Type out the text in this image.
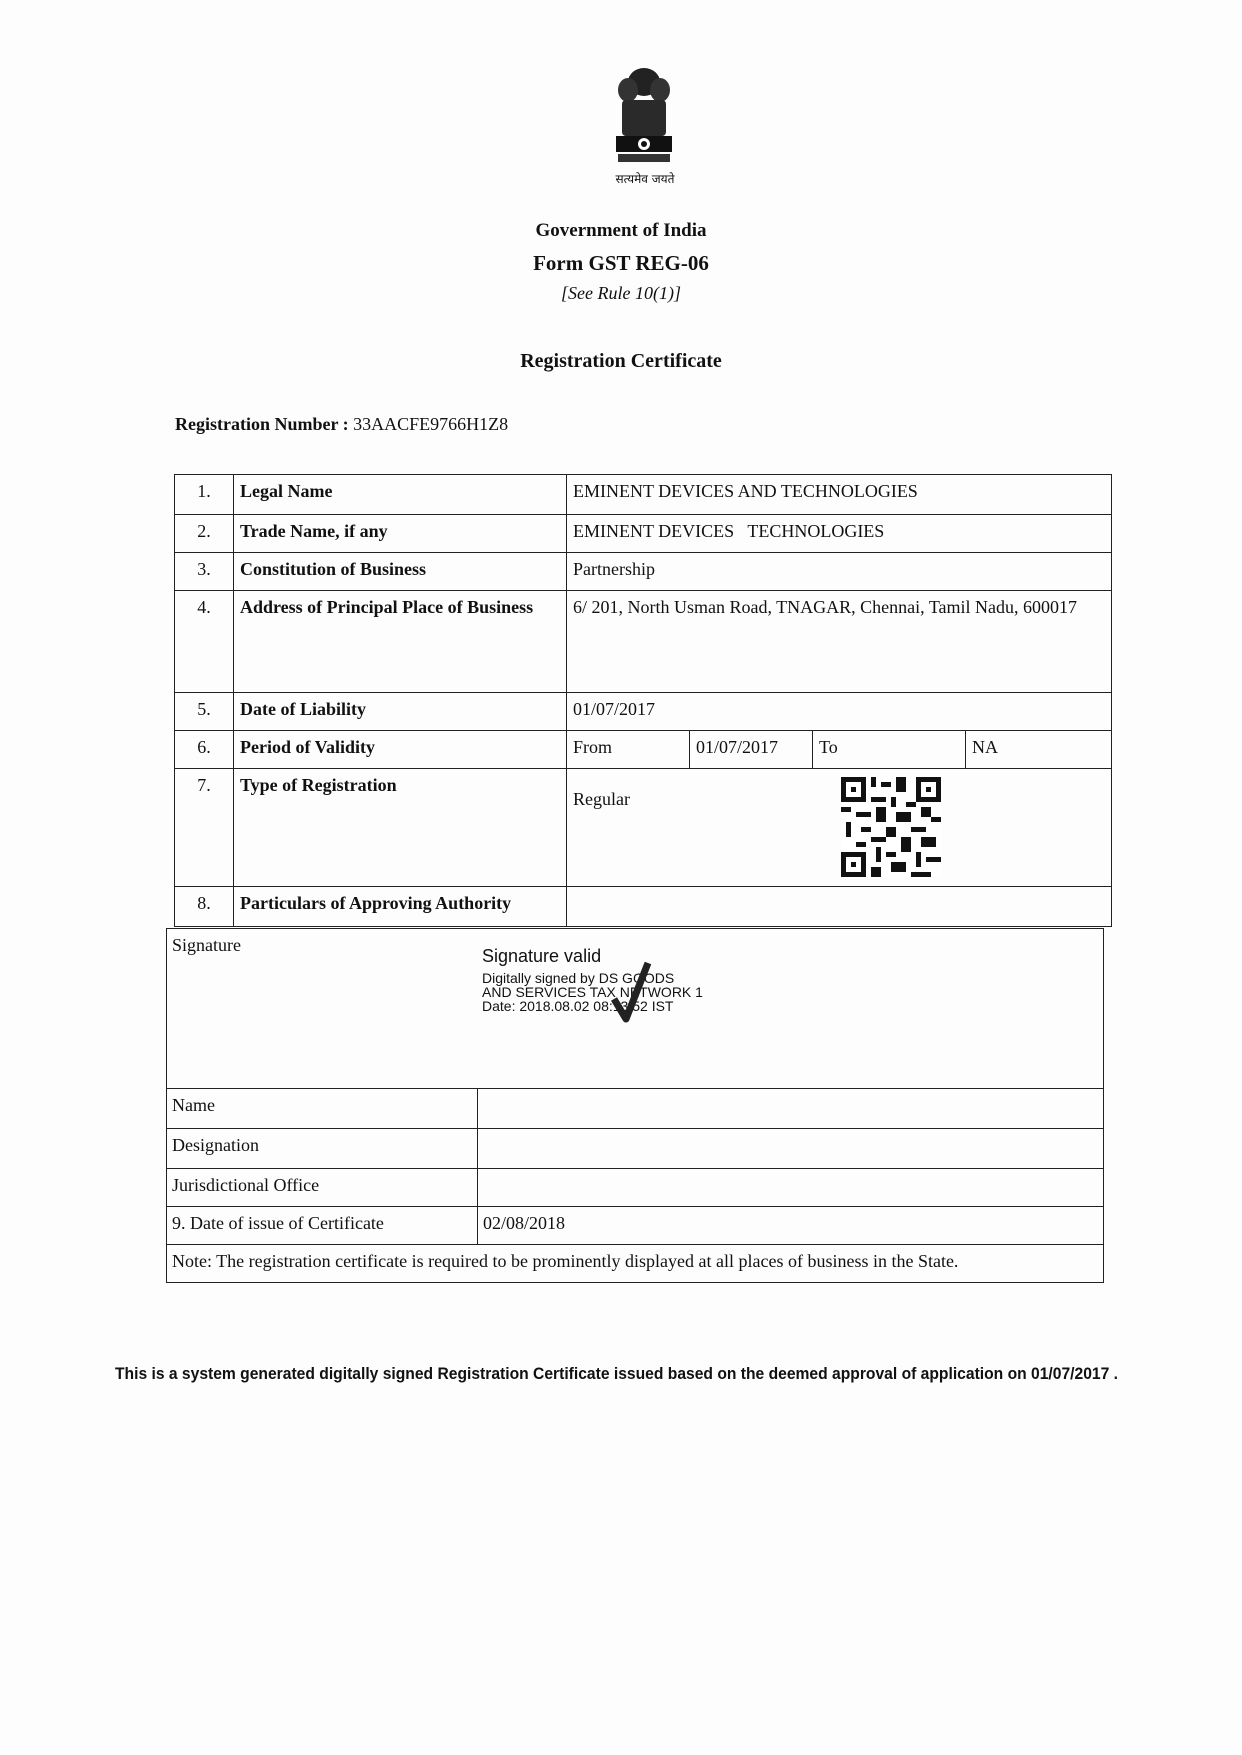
सत्यमेव जयते
Government of India
Form GST REG-06
[See Rule 10(1)]
Registration Certificate
Registration Number : 33AACFE9766H1Z8
1.	Legal Name	EMINENT DEVICES AND TECHNOLOGIES			
2.	Trade Name, if any	EMINENT DEVICES   TECHNOLOGIES			
3.	Constitution of Business	Partnership			
4.	Address of Principal Place of Business	6/ 201, North Usman Road, TNAGAR, Chennai, Tamil Nadu, 600017			
5.	Date of Liability	01/07/2017			
6.	Period of Validity	From	01/07/2017	To	NA
7.	Type of Registration	Regular			

8.	Particulars of Approving Authority				
Signature
Signature valid
Digitally signed by DS GOODS
AND SERVICES TAX NETWORK 1
Date: 2018.08.02 08:13:52 IST	

Name	
Designation	
Jurisdictional Office	
9. Date of issue of Certificate	02/08/2018
Note: The registration certificate is required to be prominently displayed at all places of business in the State.	
This is a system generated digitally signed Registration Certificate issued based on the deemed approval of application on 01/07/2017 .
